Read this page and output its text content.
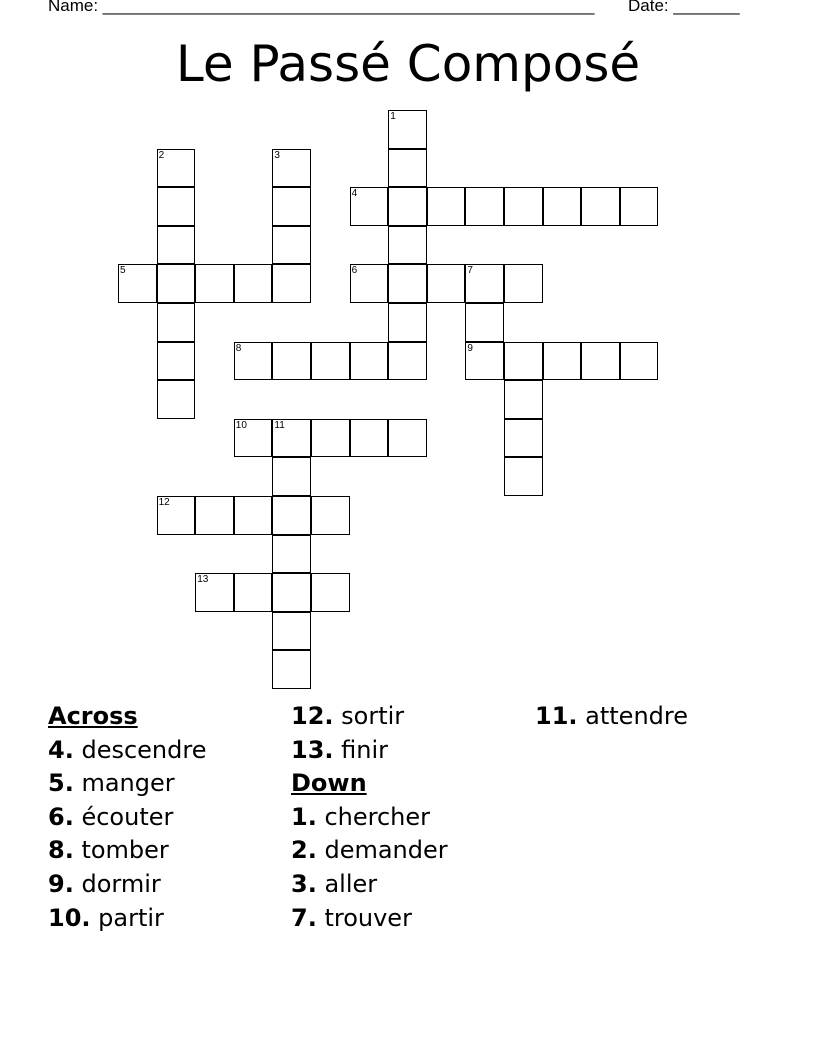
Name: ____________________________________________________ Date: _______
Le Passé Composé
1
2	3
4
5	6	7
8	9
10	11
12
13
Across
4. descendre
5. manger
6. écouter
8. tomber
9. dormir
10. partir
12. sortir
13. finir
Down
1. chercher
2. demander
3. aller
7. trouver
11. attendre
